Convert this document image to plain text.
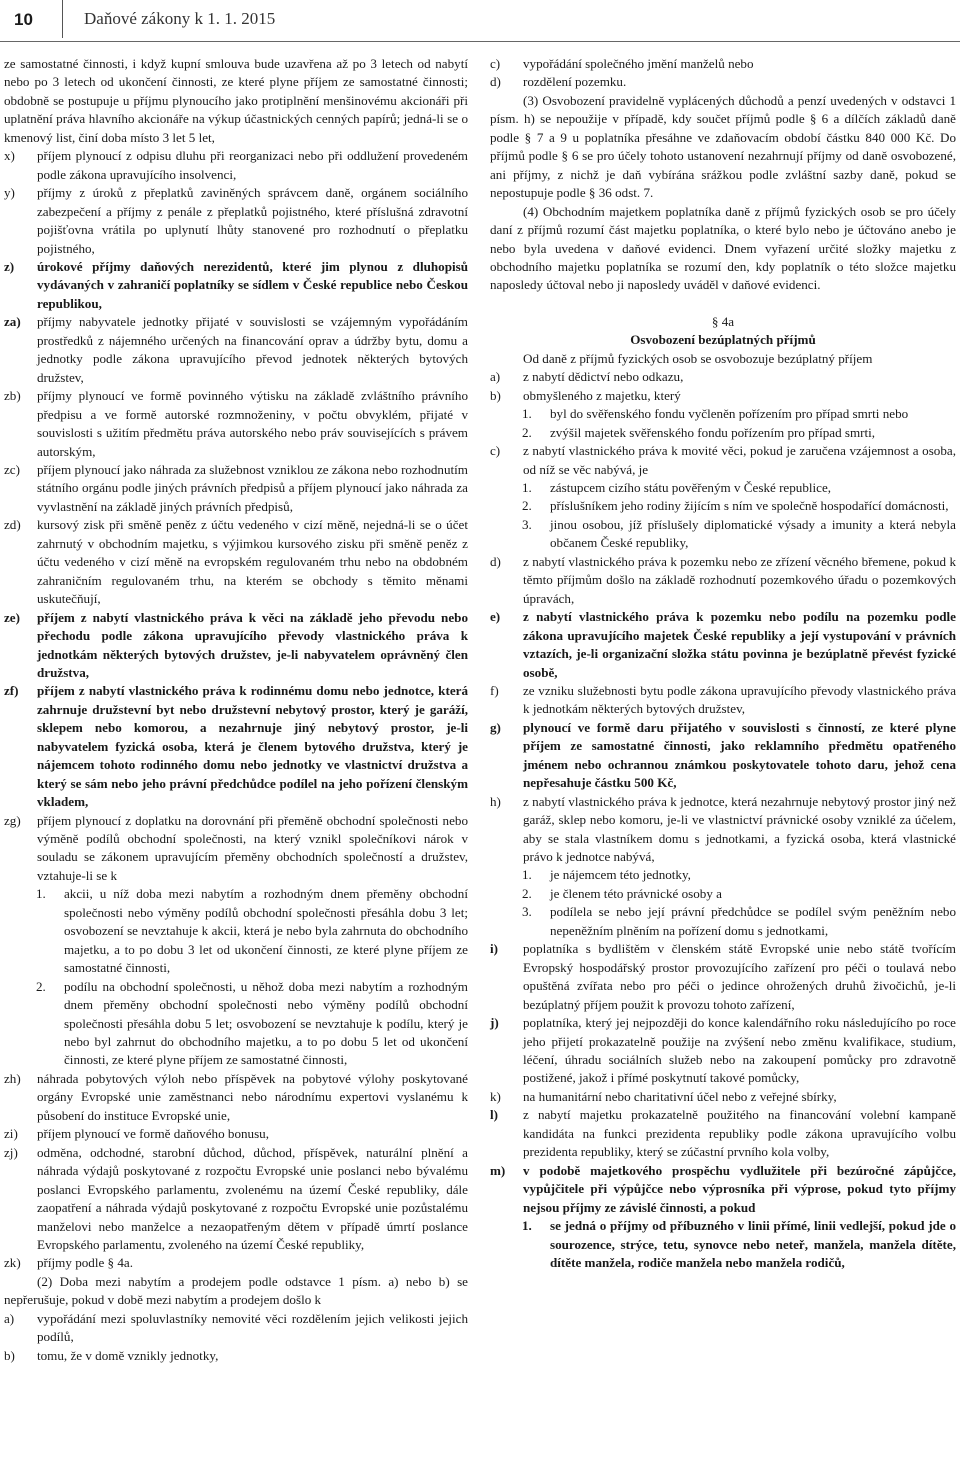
10	Daňové zákony k 1. 1. 2015
ze samostatné činnosti, i když kupní smlouva bude uzavřena až po 3 letech od nabytí nebo po 3 letech od ukončení činnosti, ze které plyne příjem ze samostatné činnosti; obdobně se postupuje u příjmu plynoucího jako protiplnění menšinovému akcionáři při uplatnění práva hlavního akcionáře na výkup účastnických cenných papírů; jedná-li se o kmenový list, činí doba místo 3 let 5 let,
x) příjem plynoucí z odpisu dluhu při reorganizaci nebo při oddlužení provedeném podle zákona upravujícího insolvenci,
y) příjmy z úroků z přeplatků zaviněných správcem daně, orgánem sociálního zabezpečení a příjmy z penále z přeplatků pojistného, které příslušná zdravotní pojišťovna vrátila po uplynutí lhůty stanovené pro rozhodnutí o přeplatku pojistného,
z) úrokové příjmy daňových nerezidentů, které jim plynou z dluhopisů vydávaných v zahraničí poplatníky se sídlem v České republice nebo Českou republikou,
za) příjmy nabyvatele jednotky přijaté v souvislosti se vzájemným vypořádáním prostředků z nájemného určených na financování oprav a údržby bytu, domu a jednotky podle zákona upravujícího převod jednotek některých bytových družstev,
zb) příjmy plynoucí ve formě povinného výtisku na základě zvláštního právního předpisu a ve formě autorské rozmnoženiny, v počtu obvyklém, přijaté v souvislosti s užitím předmětu práva autorského nebo práv souvisejících s právem autorským,
zc) příjem plynoucí jako náhrada za služebnost vzniklou ze zákona nebo rozhodnutím státního orgánu podle jiných právních předpisů a příjem plynoucí jako náhrada za vyvlastnění na základě jiných právních předpisů,
zd) kursový zisk při směně peněz z účtu vedeného v cizí měně, nejedná-li se o účet zahrnutý v obchodním majetku, s výjimkou kursového zisku při směně peněz z účtu vedeného v cizí měně na evropském regulovaném trhu nebo na obdobném zahraničním regulovaném trhu, na kterém se obchody s těmito měnami uskutečňují,
ze) příjem z nabytí vlastnického práva k věci na základě jeho převodu nebo přechodu podle zákona upravujícího převody vlastnického práva k jednotkám některých bytových družstev, je-li nabyvatelem oprávněný člen družstva,
zf) příjem z nabytí vlastnického práva k rodinnému domu nebo jednotce, která zahrnuje družstevní byt nebo družstevní nebytový prostor, který je garáží, sklepem nebo komorou, a nezahrnuje jiný nebytový prostor, je-li nabyvatelem fyzická osoba, která je členem bytového družstva, který je nájemcem tohoto rodinného domu nebo jednotky ve vlastnictví družstva a který se sám nebo jeho právní předchůdce podílel na jeho pořízení členským vkladem,
zg) příjem plynoucí z doplatku na dorovnání při přeměně obchodní společnosti nebo výměně podílů obchodní společnosti, na který vznikl společníkovi nárok v souladu se zákonem upravujícím přeměny obchodních společností a družstev, vztahuje-li se k
1. akcii, u níž doba mezi nabytím a rozhodným dnem přeměny obchodní společnosti nebo výměny podílů obchodní společnosti přesáhla dobu 3 let; osvobození se nevztahuje k akcii, která je nebo byla zahrnuta do obchodního majetku, a to po dobu 3 let od ukončení činnosti, ze které plyne příjem ze samostatné činnosti,
2. podílu na obchodní společnosti, u něhož doba mezi nabytím a rozhodným dnem přeměny obchodní společnosti nebo výměny podílů obchodní společnosti přesáhla dobu 5 let; osvobození se nevztahuje k podílu, který je nebo byl zahrnut do obchodního majetku, a to po dobu 5 let od ukončení činnosti, ze které plyne příjem ze samostatné činnosti,
zh) náhrada pobytových výloh nebo příspěvek na pobytové výlohy poskytované orgány Evropské unie zaměstnanci nebo národnímu expertovi vyslanému k působení do instituce Evropské unie,
zi) příjem plynoucí ve formě daňového bonusu,
zj) odměna, odchodné, starobní důchod, důchod, příspěvek, naturální plnění a náhrada výdajů poskytované z rozpočtu Evropské unie poslanci nebo bývalému poslanci Evropského parlamentu, zvolenému na území České republiky, dále zaopatření a náhrada výdajů poskytované z rozpočtu Evropské unie pozůstalému manželovi nebo manželce a nezaopatřeným dětem v případě úmrtí poslance Evropského parlamentu, zvoleného na území České republiky,
zk) příjmy podle § 4a.
(2) Doba mezi nabytím a prodejem podle odstavce 1 písm. a) nebo b) se nepřerušuje, pokud v době mezi nabytím a prodejem došlo k
a) vypořádání mezi spoluvlastníky nemovité věci rozdělením jejich velikosti jejich podílů,
b) tomu, že v domě vznikly jednotky,
c) vypořádání společného jmění manželů nebo
d) rozdělení pozemku.
(3) Osvobození pravidelně vyplácených důchodů a penzí uvedených v odstavci 1 písm. h) se nepoužije v případě, kdy součet příjmů podle § 6 a dílčích základů daně podle § 7 a 9 u poplatníka přesáhne ve zdaňovacím období částku 840 000 Kč. Do příjmů podle § 6 se pro účely tohoto ustanovení nezahrnují příjmy od daně osvobozené, ani příjmy, z nichž je daň vybírána srážkou podle zvláštní sazby daně, pokud se nepostupuje podle § 36 odst. 7.
(4) Obchodním majetkem poplatníka daně z příjmů fyzických osob se pro účely daní z příjmů rozumí část majetku poplatníka, o které bylo nebo je účtováno anebo je nebo byla uvedena v daňové evidenci. Dnem vyřazení určité složky majetku z obchodního majetku poplatníka se rozumí den, kdy poplatník o této složce majetku naposledy účtoval nebo ji naposledy uváděl v daňové evidenci.
§ 4a
Osvobození bezúplatných příjmů
Od daně z příjmů fyzických osob se osvobozuje bezúplatný příjem
a) z nabytí dědictví nebo odkazu,
b) obmyšleného z majetku, který
1. byl do svěřenského fondu vyčleněn pořízením pro případ smrti nebo
2. zvýšil majetek svěřenského fondu pořízením pro případ smrti,
c) z nabytí vlastnického práva k movité věci, pokud je zaručena vzájemnost a osoba, od níž se věc nabývá, je
1. zástupcem cizího státu pověřeným v České republice,
2. příslušníkem jeho rodiny žijícím s ním ve společně hospodařící domácnosti,
3. jinou osobou, jíž příslušely diplomatické výsady a imunity a která nebyla občanem České republiky,
d) z nabytí vlastnického práva k pozemku nebo ze zřízení věcného břemene, pokud k těmto příjmům došlo na základě rozhodnutí pozemkového úřadu o pozemkových úpravách,
e) z nabytí vlastnického práva k pozemku nebo podílu na pozemku podle zákona upravujícího majetek České republiky a její vystupování v právních vztazích, je-li organizační složka státu povinna je bezúplatně převést fyzické osobě,
f) ze vzniku služebnosti bytu podle zákona upravujícího převody vlastnického práva k jednotkám některých bytových družstev,
g) plynoucí ve formě daru přijatého v souvislosti s činností, ze které plyne příjem ze samostatné činnosti, jako reklamního předmětu opatřeného jménem nebo ochrannou známkou poskytovatele tohoto daru, jehož cena nepřesahuje částku 500 Kč,
h) z nabytí vlastnického práva k jednotce, která nezahrnuje nebytový prostor jiný než garáž, sklep nebo komoru, je-li ve vlastnictví právnické osoby vzniklé za účelem, aby se stala vlastníkem domu s jednotkami, a fyzická osoba, která vlastnické právo k jednotce nabývá,
1. je nájemcem této jednotky,
2. je členem této právnické osoby a
3. podílela se nebo její právní předchůdce se podílel svým peněžním nebo nepeněžním plněním na pořízení domu s jednotkami,
i) poplatníka s bydlištěm v členském státě Evropské unie nebo státě tvořícím Evropský hospodářský prostor provozujícího zařízení pro péči o toulavá nebo opuštěná zvířata nebo pro péči o jedince ohrožených druhů živočichů, je-li bezúplatný příjem použit k provozu tohoto zařízení,
j) poplatníka, který jej nejpozději do konce kalendářního roku následujícího po roce jeho přijetí prokazatelně použije na zvýšení nebo změnu kvalifikace, studium, léčení, úhradu sociálních služeb nebo na zakoupení pomůcky pro zdravotně postižené, jakož i přímé poskytnutí takové pomůcky,
k) na humanitární nebo charitativní účel nebo z veřejné sbírky,
l) z nabytí majetku prokazatelně použitého na financování volební kampaně kandidáta na funkci prezidenta republiky podle zákona upravujícího volbu prezidenta republiky, který se zúčastní prvního kola volby,
m) v podobě majetkového prospěchu vydlužitele při bezúročné zápůjčce, vypůjčitele při výpůjčce nebo výprosníka při výprose, pokud tyto příjmy nejsou příjmy ze závislé činnosti, a pokud
1. se jedná o příjmy od příbuzného v linii přímé, linii vedlejší, pokud jde o sourozence, strýce, tetu, synovce nebo neteř, manžela, manžela dítěte, dítěte manžela, rodiče manžela nebo manžela rodičů,
